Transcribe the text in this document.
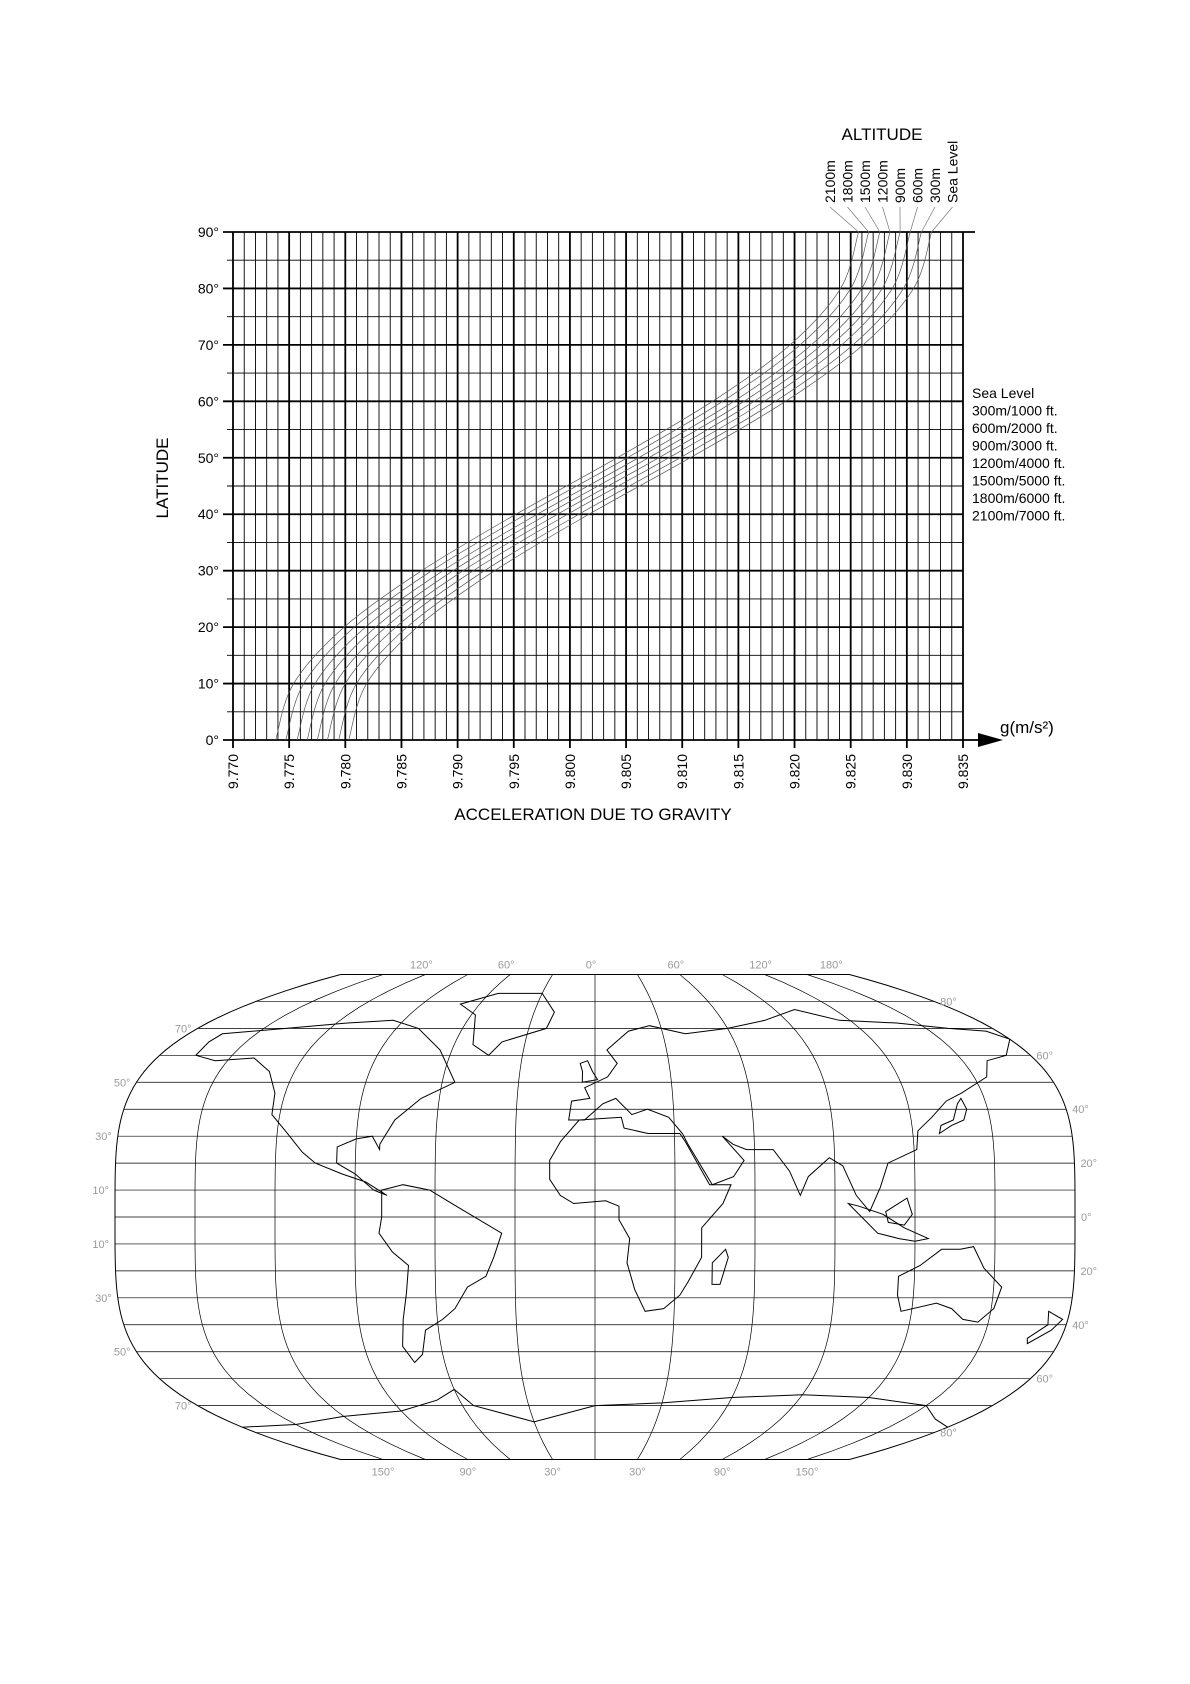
ALTITUDE
LATITUDE
ACCELERATION DUE TO GRAVITY
g(m/s²)
9.770	9.775	9.780	9.785	9.790	9.795	9.800	9.805	9.810	9.815	9.820	9.825	9.830	9.835
0°
10°
20°
30°
40°
50°
60°
70°
80°
90°
Sea Level
300m/1000 ft.
600m/2000 ft.
900m/3000 ft.
1200m/4000 ft.
1500m/5000 ft.
1800m/6000 ft.
2100m/7000 ft.
2100m 1800m 1500m 1200m 900m 600m 300m Sea Level
120°	60°	0°	60°	120°	180°
150°	90°	30°	30°	90°	150°
70°
50°
30°
10°
10°
30°
50°
70°
80°
60°
40°
20°
0°
20°
40°
60°
80°
